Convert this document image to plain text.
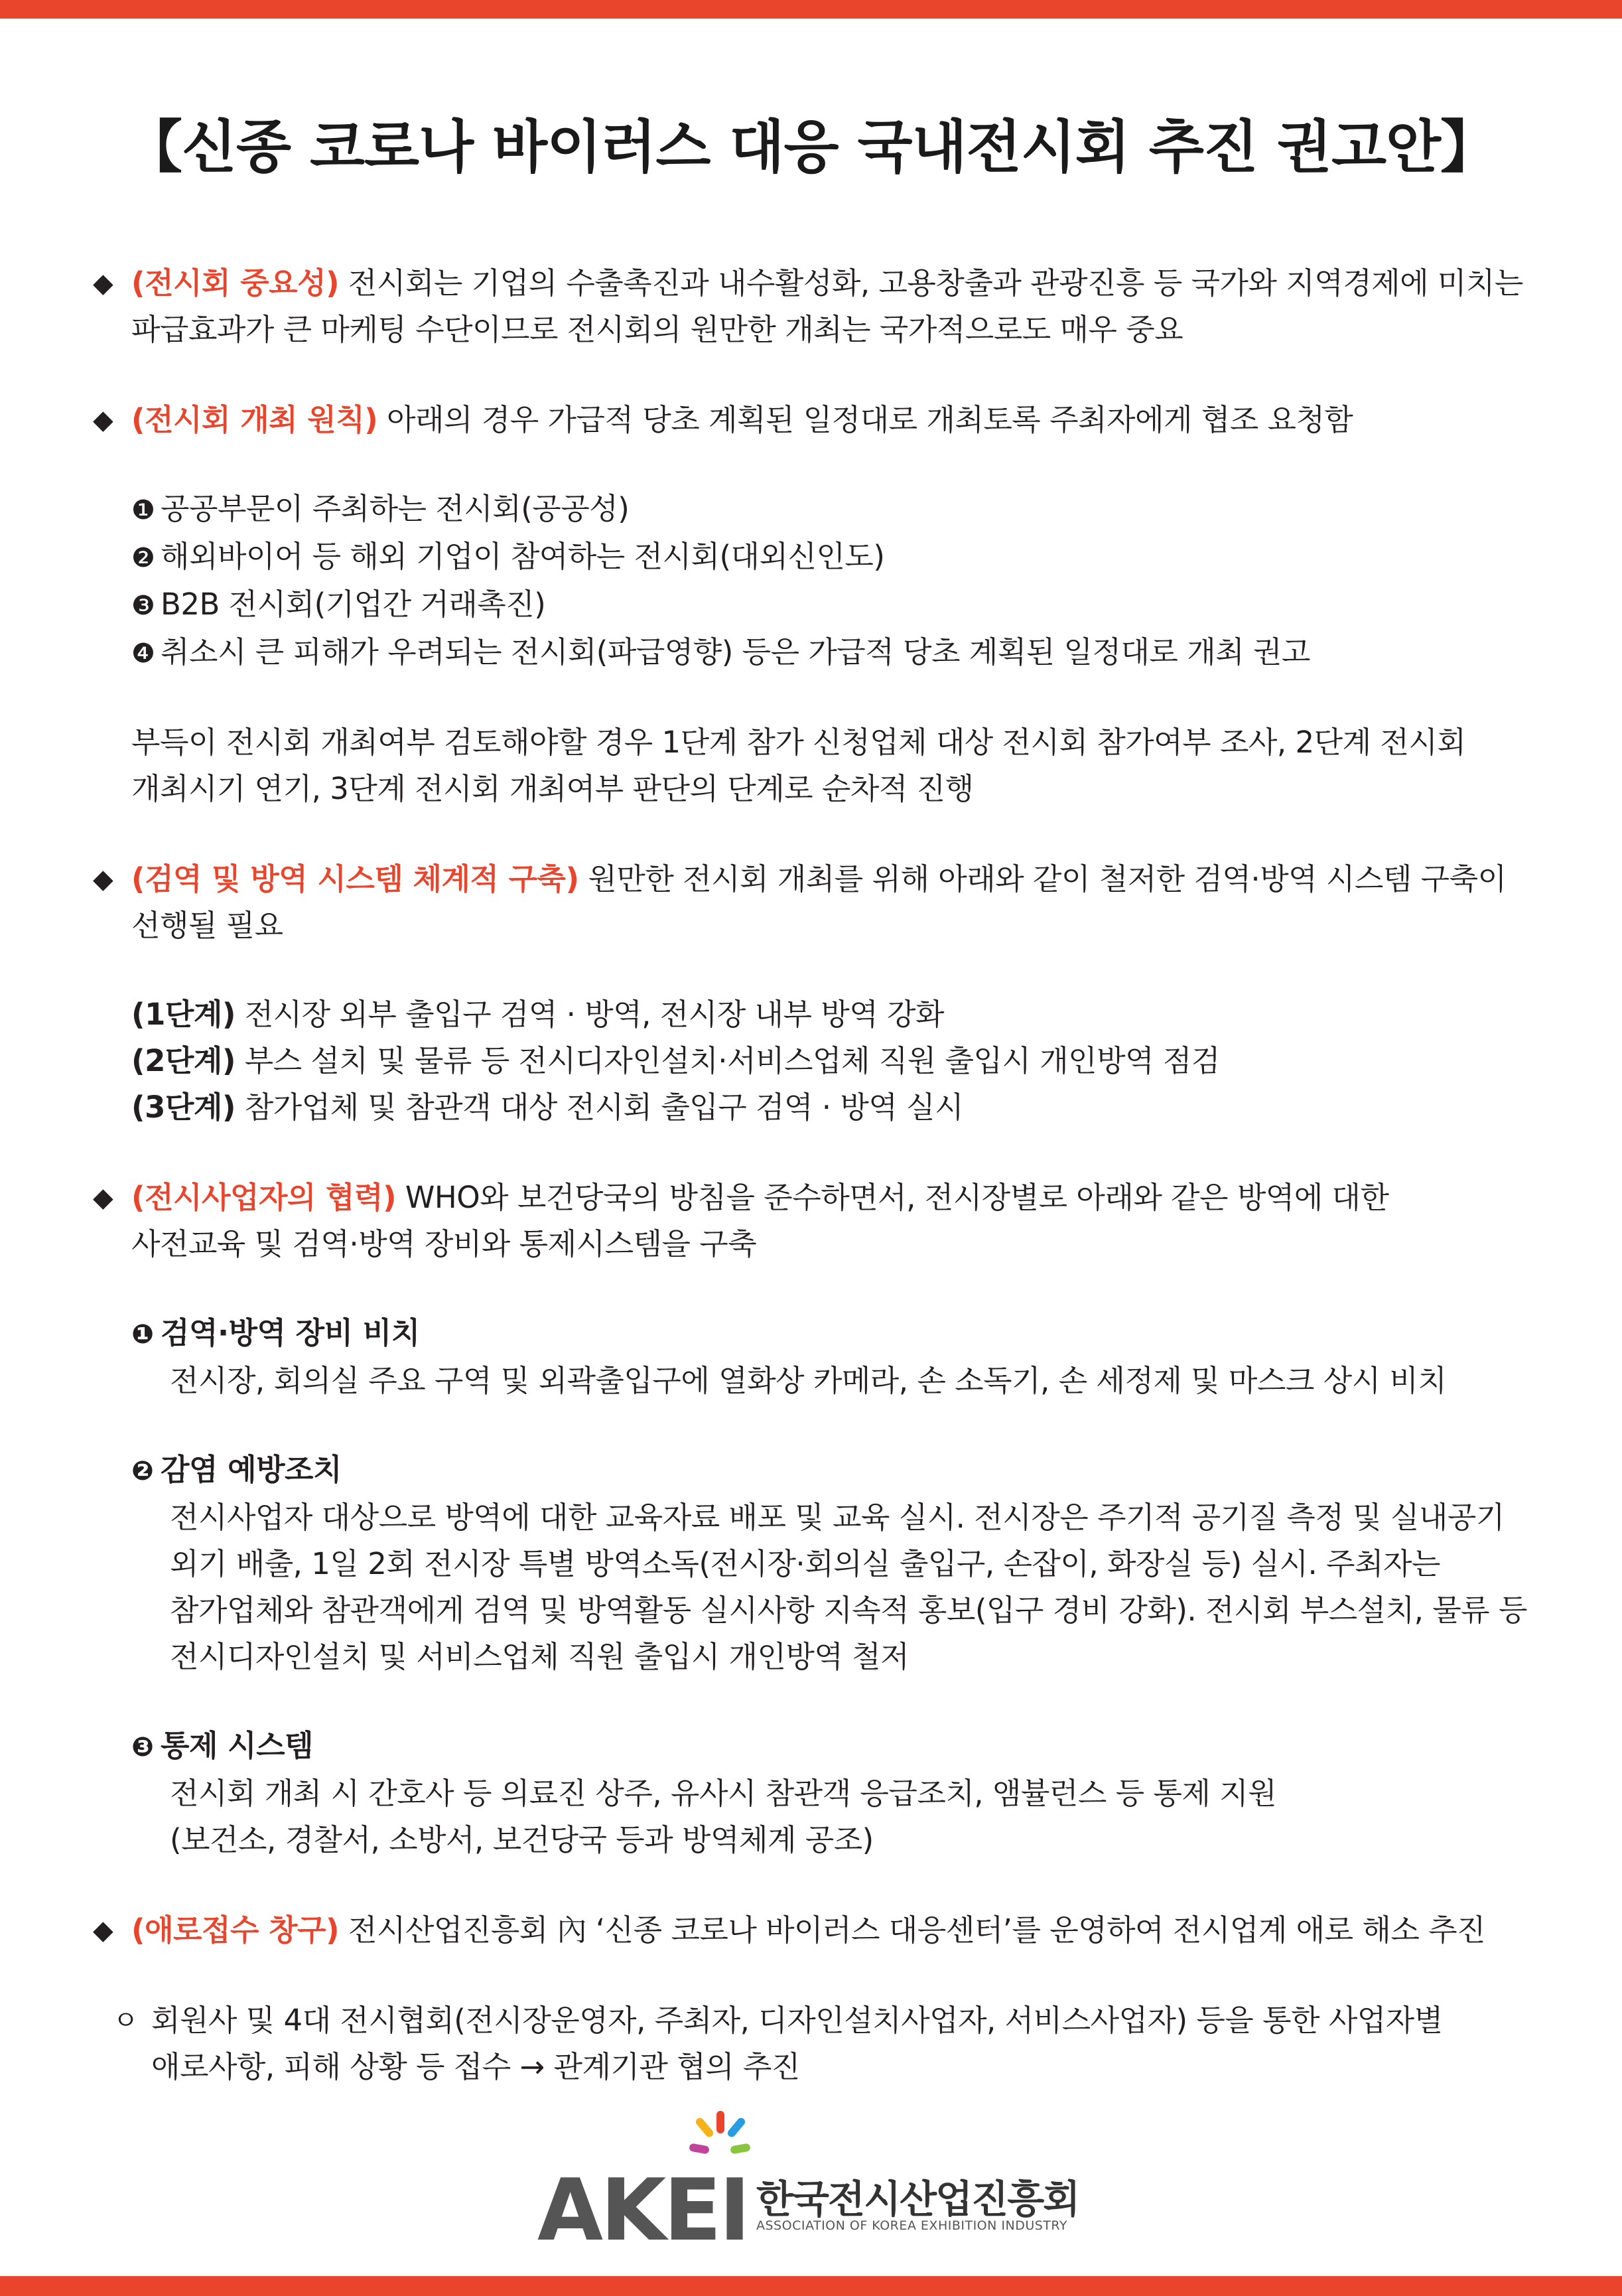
【신종 코로나 바이러스 대응 국내전시회 추진 권고안】
◆ (전시회 중요성) 전시회는 기업의 수출촉진과 내수활성화, 고용창출과 관광진흥 등 국가와 지역경제에 미치는
파급효과가 큰 마케팅 수단이므로 전시회의 원만한 개최는 국가적으로도 매우 중요
◆ (전시회 개최 원칙) 아래의 경우 가급적 당초 계획된 일정대로 개최토록 주최자에게 협조 요청함
❶ 공공부문이 주최하는 전시회(공공성)
❷ 해외바이어 등 해외 기업이 참여하는 전시회(대외신인도)
❸ B2B 전시회(기업간 거래촉진)
❹ 취소시 큰 피해가 우려되는 전시회(파급영향) 등은 가급적 당초 계획된 일정대로 개최 권고
부득이 전시회 개최여부 검토해야할 경우 1단계 참가 신청업체 대상 전시회 참가여부 조사, 2단계 전시회
개최시기 연기, 3단계 전시회 개최여부 판단의 단계로 순차적 진행
◆ (검역 및 방역 시스템 체계적 구축) 원만한 전시회 개최를 위해 아래와 같이 철저한 검역·방역 시스템 구축이
선행될 필요
(1단계) 전시장 외부 출입구 검역 · 방역, 전시장 내부 방역 강화
(2단계) 부스 설치 및 물류 등 전시디자인설치·서비스업체 직원 출입시 개인방역 점검
(3단계) 참가업체 및 참관객 대상 전시회 출입구 검역 · 방역 실시
◆ (전시사업자의 협력) WHO와 보건당국의 방침을 준수하면서, 전시장별로 아래와 같은 방역에 대한
사전교육 및 검역·방역 장비와 통제시스템을 구축
❶ 검역·방역 장비 비치
전시장, 회의실 주요 구역 및 외곽출입구에 열화상 카메라, 손 소독기, 손 세정제 및 마스크 상시 비치
❷ 감염 예방조치
전시사업자 대상으로 방역에 대한 교육자료 배포 및 교육 실시. 전시장은 주기적 공기질 측정 및 실내공기
외기 배출, 1일 2회 전시장 특별 방역소독(전시장·회의실 출입구, 손잡이, 화장실 등) 실시. 주최자는
참가업체와 참관객에게 검역 및 방역활동 실시사항 지속적 홍보(입구 경비 강화). 전시회 부스설치, 물류 등
전시디자인설치 및 서비스업체 직원 출입시 개인방역 철저
❸ 통제 시스템
전시회 개최 시 간호사 등 의료진 상주, 유사시 참관객 응급조치, 앰뷸런스 등 통제 지원
(보건소, 경찰서, 소방서, 보건당국 등과 방역체계 공조)
◆ (애로접수 창구) 전시산업진흥회 內 ‘신종 코로나 바이러스 대응센터’를 운영하여 전시업계 애로 해소 추진
ㅇ 회원사 및 4대 전시협회(전시장운영자, 주최자, 디자인설치사업자, 서비스사업자) 등을 통한 사업자별
애로사항, 피해 상황 등 접수 → 관계기관 협의 추진
AKEI 한국전시산업진흥회
ASSOCIATION OF KOREA EXHIBITION INDUSTRY
